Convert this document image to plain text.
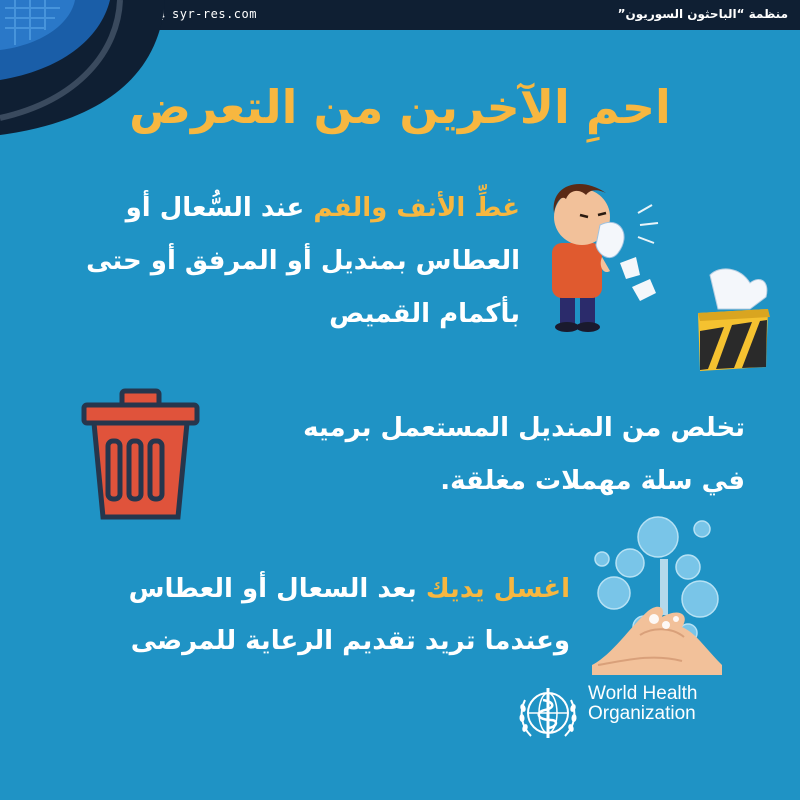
syr-res.com	منظمة “الباحثون السوريون”
احمِ الآخرين من التعرض
غطِّ الأنف والفم عند السُّعال أو العطاس بمنديل أو المرفق أو حتى بأكمام القميص
تخلص من المنديل المستعمل برميه في سلة مهملات مغلقة.
اغسل يديك بعد السعال أو العطاس وعندما تريد تقديم الرعاية للمرضى
World Health
Organization
